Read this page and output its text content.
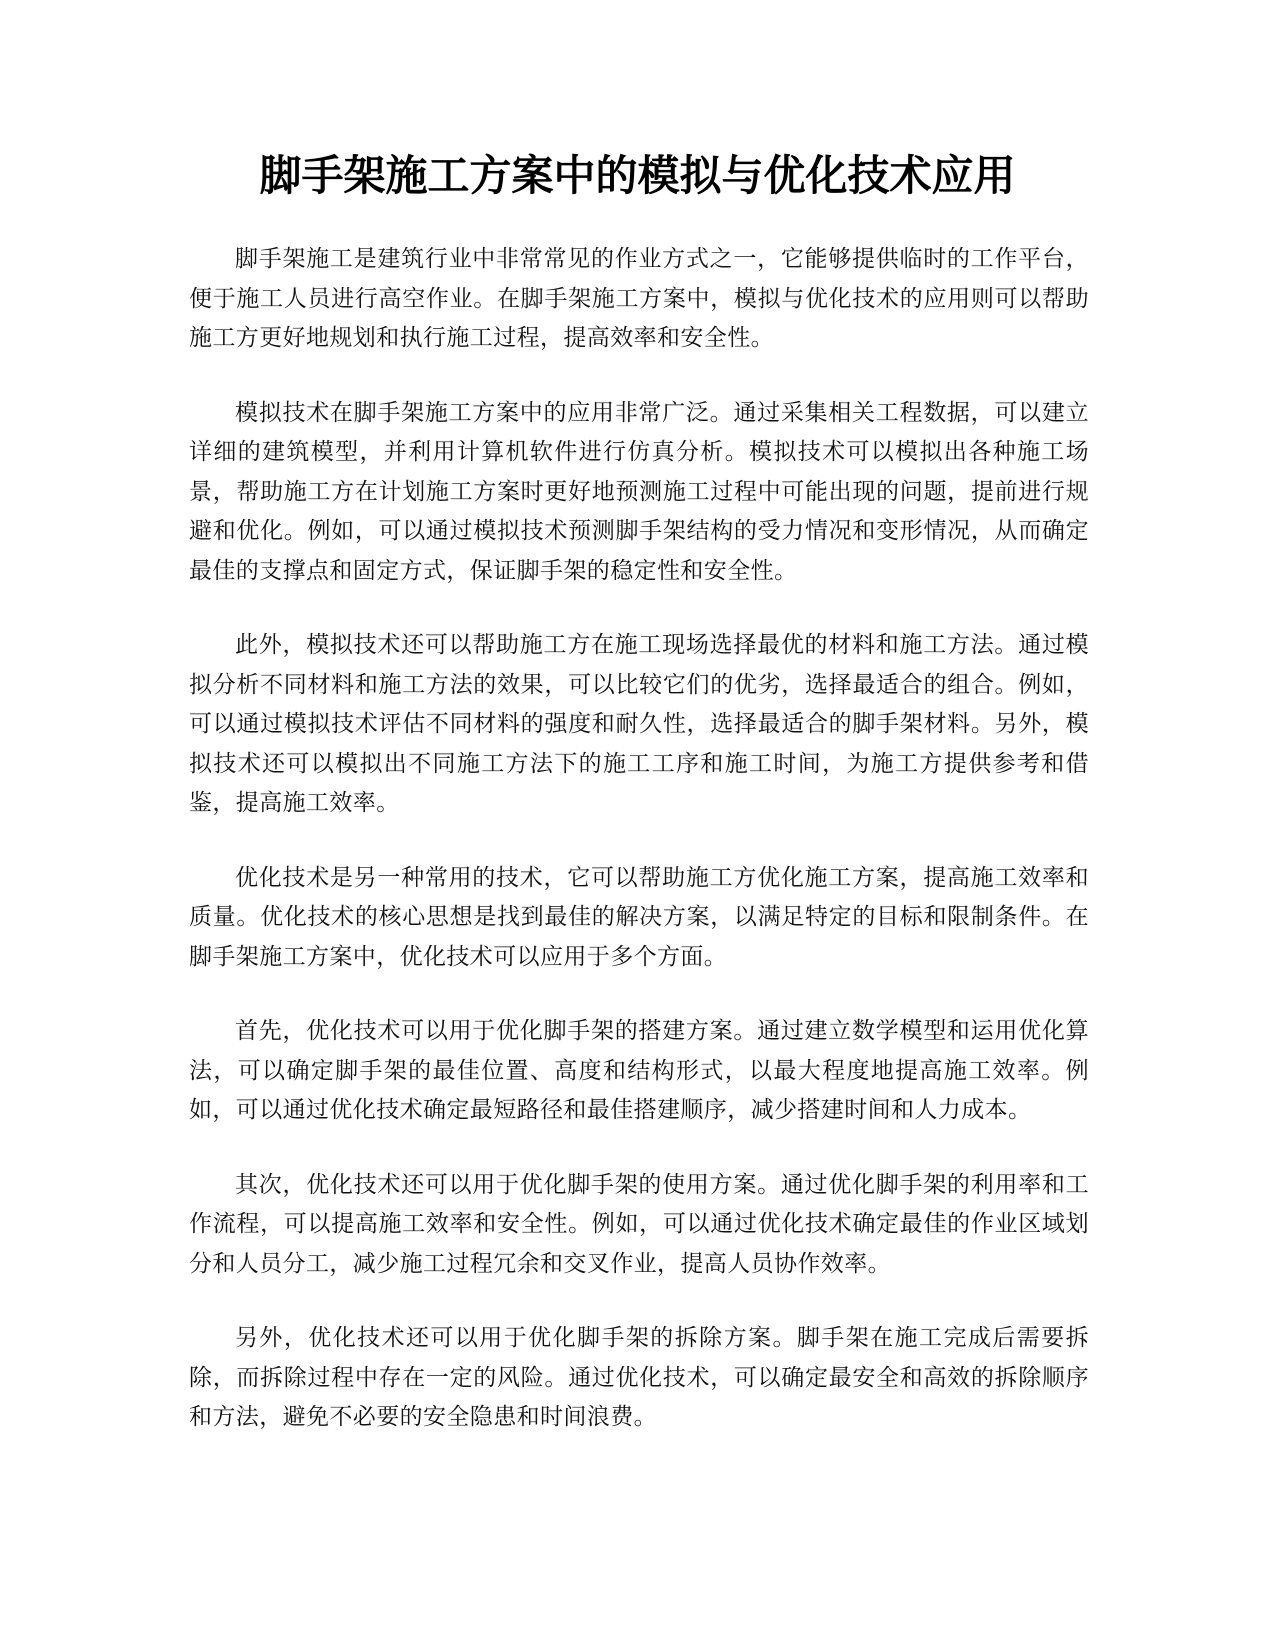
脚手架施工方案中的模拟与优化技术应用

脚手架施工是建筑行业中非常常见的作业方式之一，它能够提供临时的工作平台，便于施工人员进行高空作业。在脚手架施工方案中，模拟与优化技术的应用则可以帮助施工方更好地规划和执行施工过程，提高效率和安全性。

模拟技术在脚手架施工方案中的应用非常广泛。通过采集相关工程数据，可以建立详细的建筑模型，并利用计算机软件进行仿真分析。模拟技术可以模拟出各种施工场景，帮助施工方在计划施工方案时更好地预测施工过程中可能出现的问题，提前进行规避和优化。例如，可以通过模拟技术预测脚手架结构的受力情况和变形情况，从而确定最佳的支撑点和固定方式，保证脚手架的稳定性和安全性。

此外，模拟技术还可以帮助施工方在施工现场选择最优的材料和施工方法。通过模拟分析不同材料和施工方法的效果，可以比较它们的优劣，选择最适合的组合。例如，可以通过模拟技术评估不同材料的强度和耐久性，选择最适合的脚手架材料。另外，模拟技术还可以模拟出不同施工方法下的施工工序和施工时间，为施工方提供参考和借鉴，提高施工效率。

优化技术是另一种常用的技术，它可以帮助施工方优化施工方案，提高施工效率和质量。优化技术的核心思想是找到最佳的解决方案，以满足特定的目标和限制条件。在脚手架施工方案中，优化技术可以应用于多个方面。

首先，优化技术可以用于优化脚手架的搭建方案。通过建立数学模型和运用优化算法，可以确定脚手架的最佳位置、高度和结构形式，以最大程度地提高施工效率。例如，可以通过优化技术确定最短路径和最佳搭建顺序，减少搭建时间和人力成本。

其次，优化技术还可以用于优化脚手架的使用方案。通过优化脚手架的利用率和工作流程，可以提高施工效率和安全性。例如，可以通过优化技术确定最佳的作业区域划分和人员分工，减少施工过程冗余和交叉作业，提高人员协作效率。

另外，优化技术还可以用于优化脚手架的拆除方案。脚手架在施工完成后需要拆除，而拆除过程中存在一定的风险。通过优化技术，可以确定最安全和高效的拆除顺序和方法，避免不必要的安全隐患和时间浪费。
